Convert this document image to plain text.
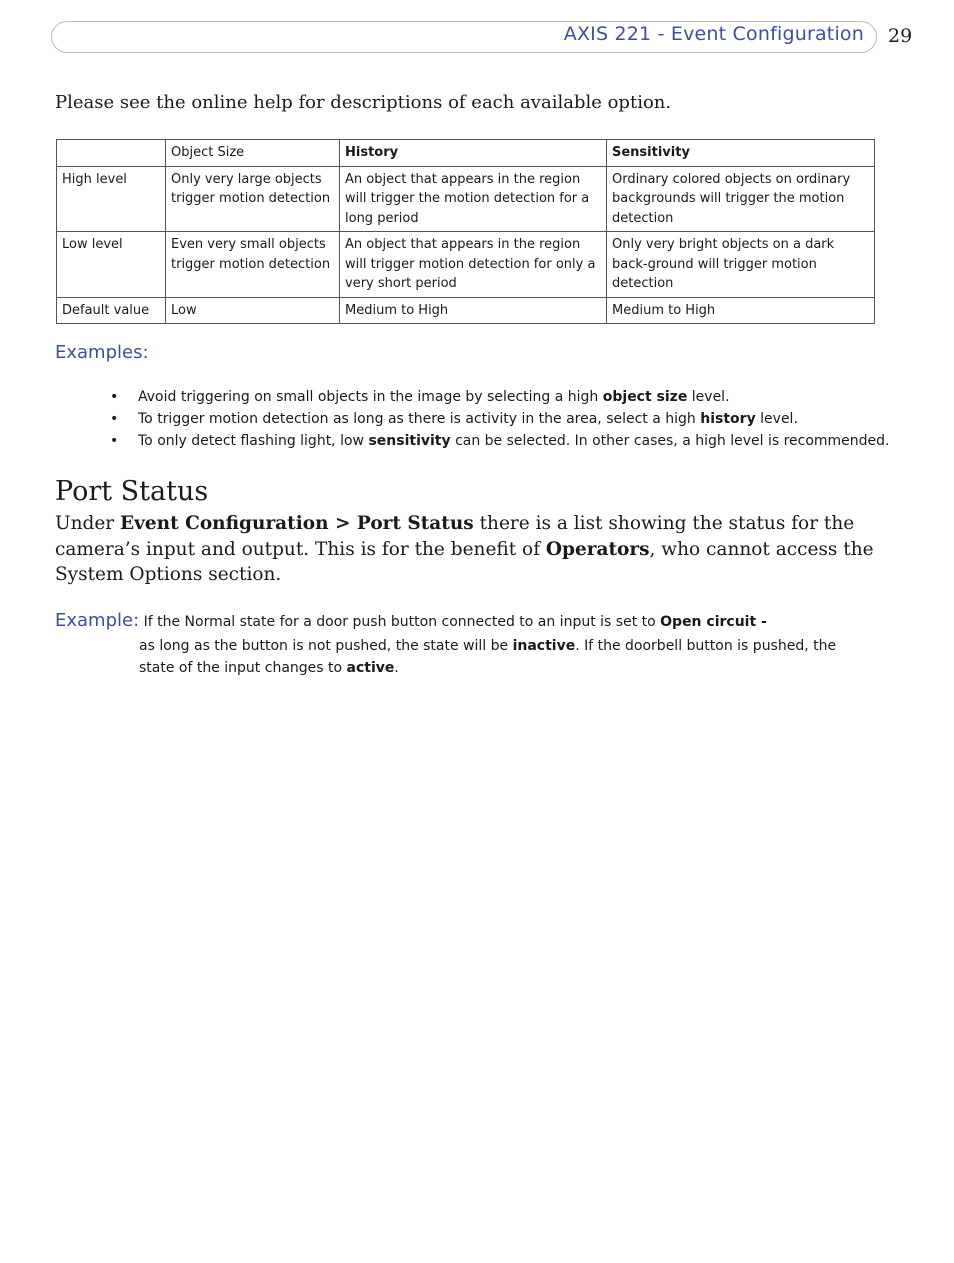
AXIS 221 - Event Configuration 29
Please see the online help for descriptions of each available option.
	Object Size	History	Sensitivity
High level	Only very large objects trigger motion detection	An object that appears in the region will trigger the motion detection for a long period	Ordinary colored objects on ordinary backgrounds will trigger the motion detection
Low level	Even very small objects trigger motion detection	An object that appears in the region will trigger motion detection for only a very short period	Only very bright objects on a dark back-ground will trigger motion detection
Default value	Low	Medium to High	Medium to High
Examples:
• Avoid triggering on small objects in the image by selecting a high object size level.
• To trigger motion detection as long as there is activity in the area, select a high history level.
• To only detect flashing light, low sensitivity can be selected. In other cases, a high level is recommended.
Port Status
Under Event Configuration > Port Status there is a list showing the status for the camera’s input and output. This is for the benefit of Operators, who cannot access the System Options section.
Example: If the Normal state for a door push button connected to an input is set to Open circuit -
as long as the button is not pushed, the state will be inactive. If the doorbell button is pushed, the state of the input changes to active.
